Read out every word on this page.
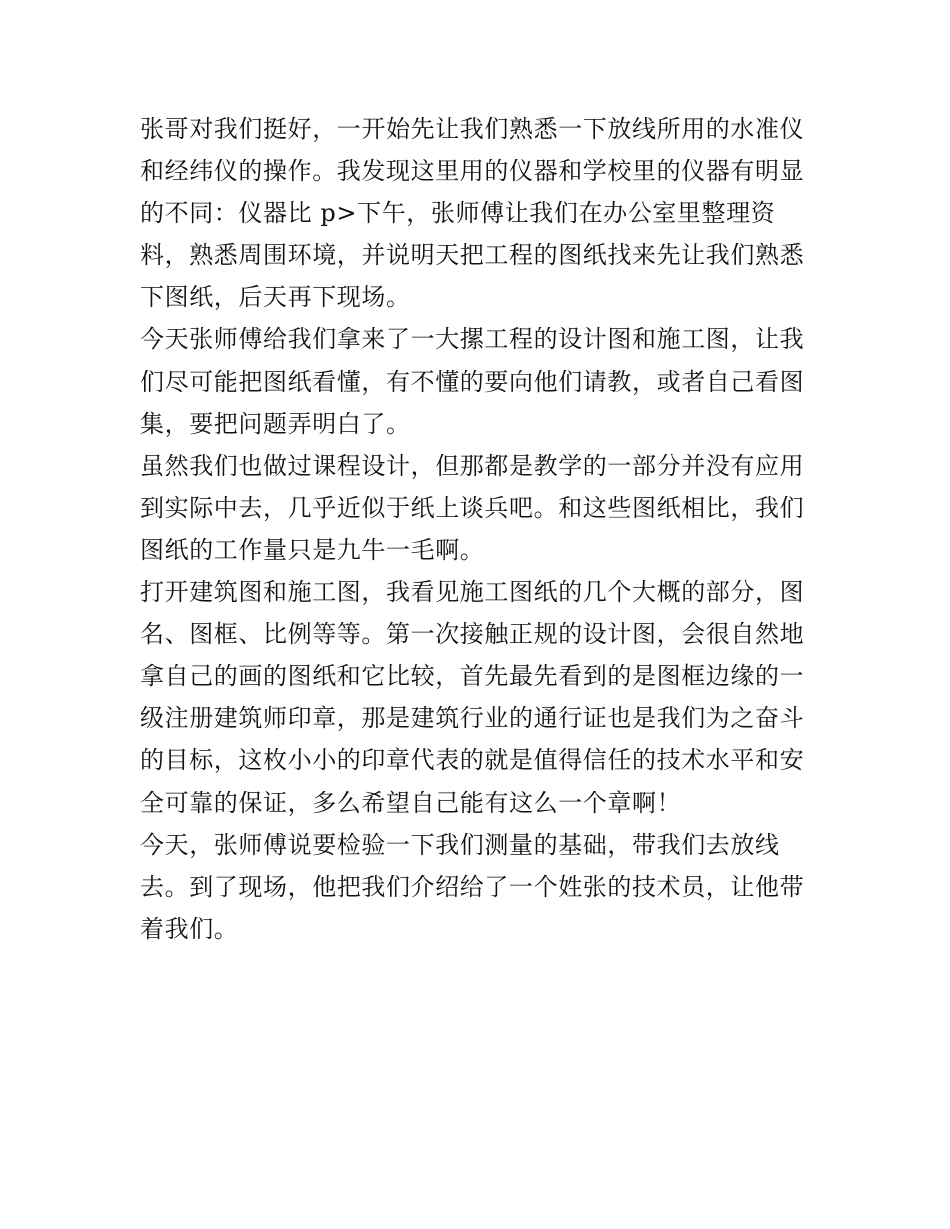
张哥对我们挺好，一开始先让我们熟悉一下放线所用的水准仪
和经纬仪的操作。我发现这里用的仪器和学校里的仪器有明显
的不同：仪器比 p>下午，张师傅让我们在办公室里整理资
料，熟悉周围环境，并说明天把工程的图纸找来先让我们熟悉
下图纸，后天再下现场。
今天张师傅给我们拿来了一大摞工程的设计图和施工图，让我
们尽可能把图纸看懂，有不懂的要向他们请教，或者自己看图
集，要把问题弄明白了。
虽然我们也做过课程设计，但那都是教学的一部分并没有应用
到实际中去，几乎近似于纸上谈兵吧。和这些图纸相比，我们
图纸的工作量只是九牛一毛啊。
打开建筑图和施工图，我看见施工图纸的几个大概的部分，图
名、图框、比例等等。第一次接触正规的设计图，会很自然地
拿自己的画的图纸和它比较，首先最先看到的是图框边缘的一
级注册建筑师印章，那是建筑行业的通行证也是我们为之奋斗
的目标，这枚小小的印章代表的就是值得信任的技术水平和安
全可靠的保证，多么希望自己能有这么一个章啊！
今天，张师傅说要检验一下我们测量的基础，带我们去放线
去。到了现场，他把我们介绍给了一个姓张的技术员，让他带
着我们。
